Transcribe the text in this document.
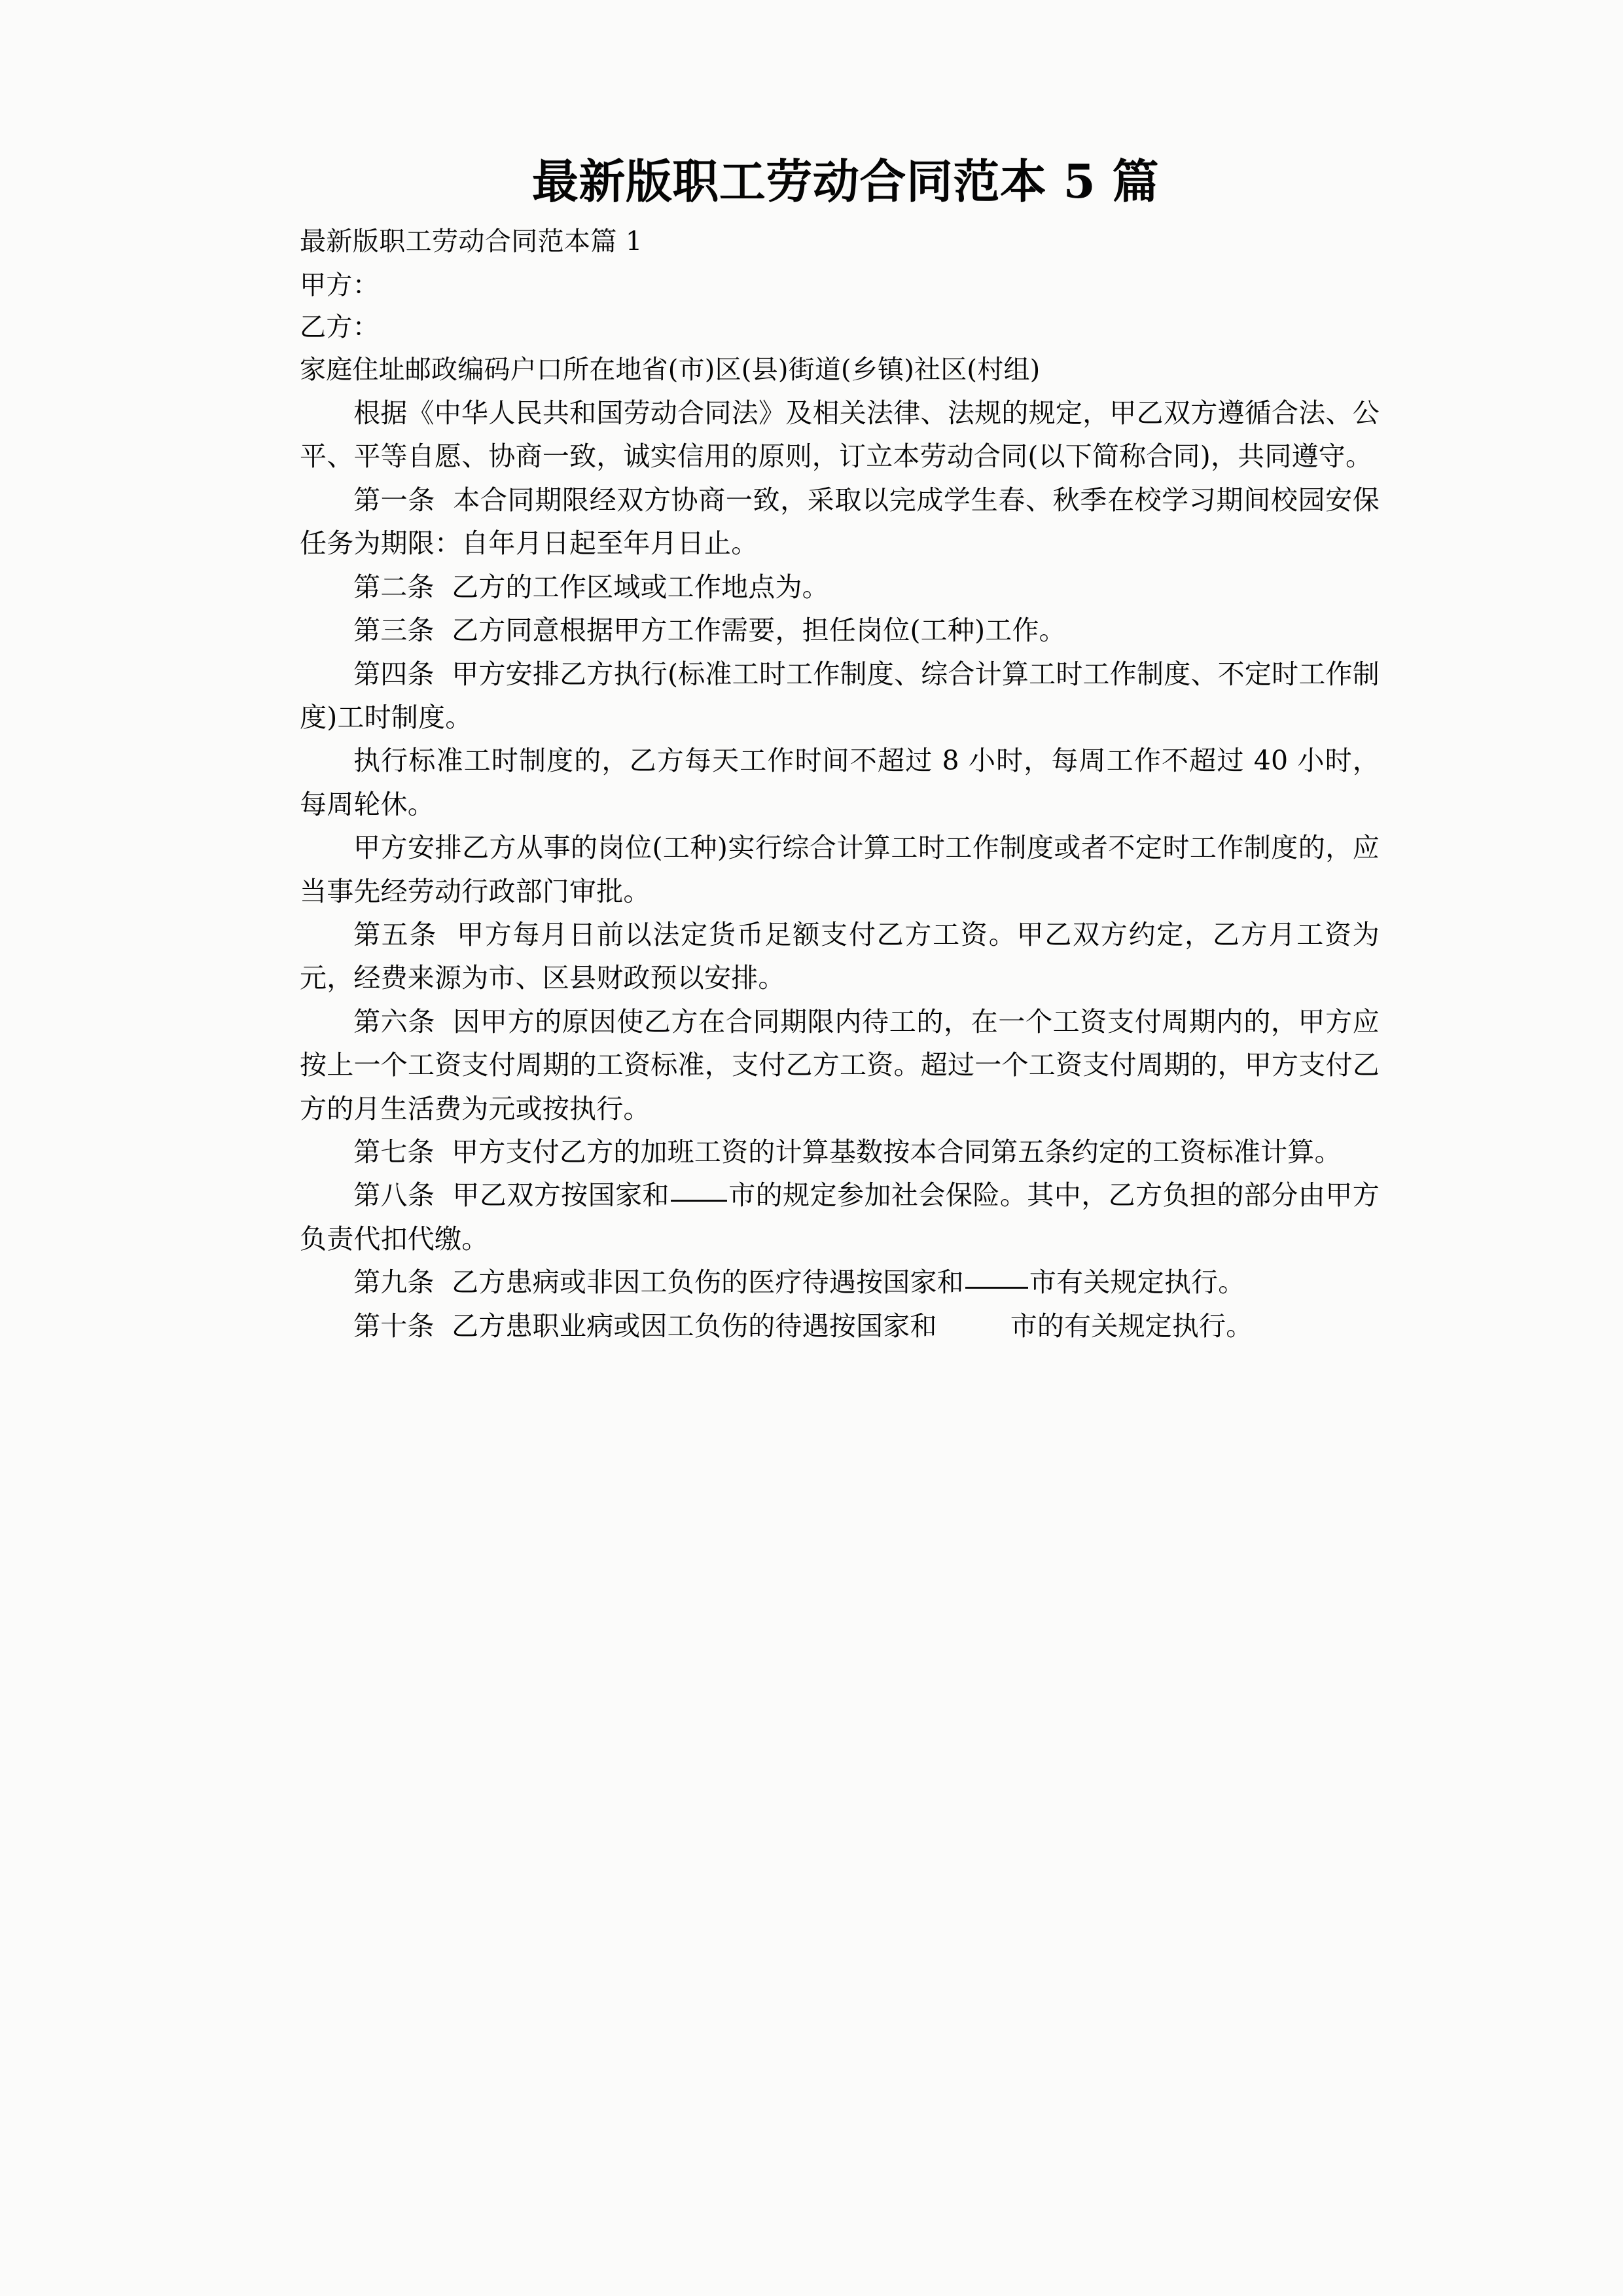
最新版职工劳动合同范本 5 篇

最新版职工劳动合同范本篇 1

甲方：

乙方：

家庭住址邮政编码户口所在地省(市)区(县)街道(乡镇)社区(村组)

根据《中华人民共和国劳动合同法》及相关法律、法规的规定，甲乙双方遵循合法、公平、平等自愿、协商一致，诚实信用的原则，订立本劳动合同(以下简称合同)，共同遵守。

第一条 本合同期限经双方协商一致，采取以完成学生春、秋季在校学习期间校园安保任务为期限：自年月日起至年月日止。

第二条 乙方的工作区域或工作地点为。

第三条 乙方同意根据甲方工作需要，担任岗位(工种)工作。

第四条 甲方安排乙方执行(标准工时工作制度、综合计算工时工作制度、不定时工作制度)工时制度。

执行标准工时制度的，乙方每天工作时间不超过 8 小时，每周工作不超过 40 小时，每周轮休。

甲方安排乙方从事的岗位(工种)实行综合计算工时工作制度或者不定时工作制度的，应当事先经劳动行政部门审批。

第五条 甲方每月日前以法定货币足额支付乙方工资。甲乙双方约定，乙方月工资为元，经费来源为市、区县财政预以安排。

第六条 因甲方的原因使乙方在合同期限内待工的，在一个工资支付周期内的，甲方应按上一个工资支付周期的工资标准，支付乙方工资。超过一个工资支付周期的，甲方支付乙方的月生活费为元或按执行。

第七条 甲方支付乙方的加班工资的计算基数按本合同第五条约定的工资标准计算。

第八条 甲乙双方按国家和 市的规定参加社会保险。其中，乙方负担的部分由甲方负责代扣代缴。

第九条 乙方患病或非因工负伤的医疗待遇按国家和 市有关规定执行。

第十条 乙方患职业病或因工负伤的待遇按国家和	市的有关规定执行。
